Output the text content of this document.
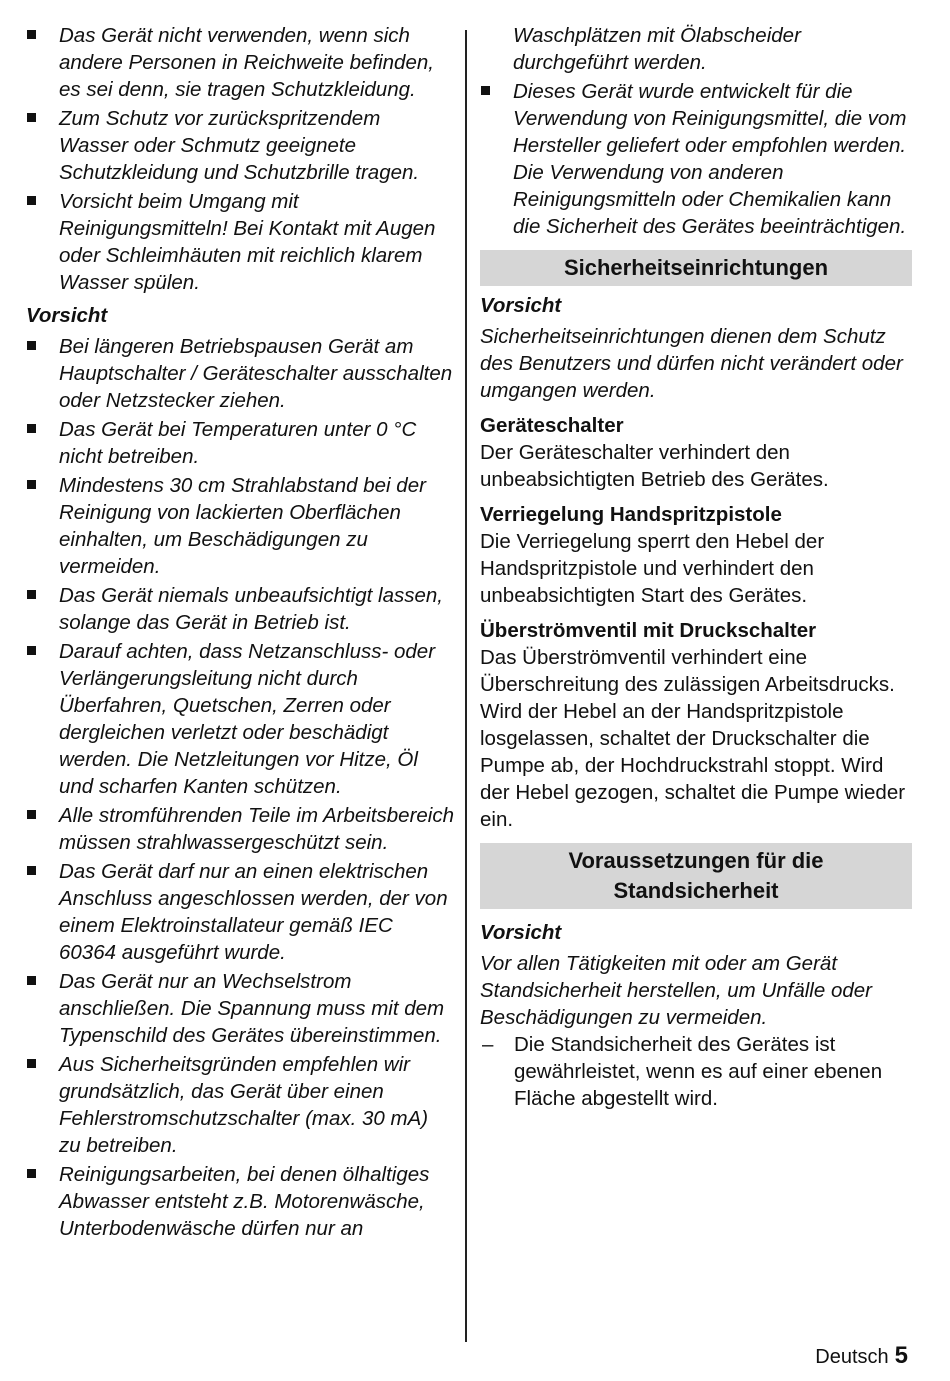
Das Gerät nicht verwenden, wenn sich andere Personen in Reichweite befinden, es sei denn, sie tragen Schutzkleidung.
Zum Schutz vor zurückspritzendem Wasser oder Schmutz geeignete Schutzkleidung und Schutzbrille tragen.
Vorsicht beim Umgang mit Reinigungsmitteln! Bei Kontakt mit Augen oder Schleimhäuten mit reichlich klarem Wasser spülen.
Vorsicht
Bei längeren Betriebspausen Gerät am Hauptschalter / Geräteschalter ausschalten oder Netzstecker ziehen.
Das Gerät bei Temperaturen unter 0 °C nicht betreiben.
Mindestens 30 cm Strahlabstand bei der Reinigung von lackierten Oberflächen einhalten, um Beschädigungen zu vermeiden.
Das Gerät niemals unbeaufsichtigt lassen, solange das Gerät in Betrieb ist.
Darauf achten, dass Netzanschluss- oder Verlängerungsleitung nicht durch Überfahren, Quetschen, Zerren oder dergleichen verletzt oder beschädigt werden. Die Netzleitungen vor Hitze, Öl und scharfen Kanten schützen.
Alle stromführenden Teile im Arbeitsbereich müssen strahlwassergeschützt sein.
Das Gerät darf nur an einen elektrischen Anschluss angeschlossen werden, der von einem Elektroinstallateur gemäß IEC 60364 ausgeführt wurde.
Das Gerät nur an Wechselstrom anschließen. Die Spannung muss mit dem Typenschild des Gerätes übereinstimmen.
Aus Sicherheitsgründen empfehlen wir grundsätzlich, das Gerät über einen Fehlerstromschutzschalter (max. 30 mA) zu betreiben.
Reinigungsarbeiten, bei denen ölhaltiges Abwasser entsteht z.B. Motorenwäsche, Unterbodenwäsche dürfen nur an

Waschplätzen mit Ölabscheider durchgeführt werden.

Dieses Gerät wurde entwickelt für die Verwendung von Reinigungsmittel, die vom Hersteller geliefert oder empfohlen werden. Die Verwendung von anderen Reinigungsmitteln oder Chemikalien kann die Sicherheit des Gerätes beeinträchtigen.
Sicherheitseinrichtungen
Vorsicht

Sicherheitseinrichtungen dienen dem Schutz des Benutzers und dürfen nicht verändert oder umgangen werden.

Geräteschalter

Der Geräteschalter verhindert den unbeabsichtigten Betrieb des Gerätes.

Verriegelung Handspritzpistole

Die Verriegelung sperrt den Hebel der Handspritzpistole und verhindert den unbeabsichtigten Start des Gerätes.

Überströmventil mit Druckschalter

Das Überströmventil verhindert eine Überschreitung des zulässigen Arbeitsdrucks. Wird der Hebel an der Handspritzpistole losgelassen, schaltet der Druckschalter die Pumpe ab, der Hochdruckstrahl stoppt. Wird der Hebel gezogen, schaltet die Pumpe wieder ein.

Voraussetzungen für die
Standsicherheit
Vorsicht

Vor allen Tätigkeiten mit oder am Gerät Standsicherheit herstellen, um Unfälle oder Beschädigungen zu vermeiden.

– Die Standsicherheit des Gerätes ist gewährleistet, wenn es auf einer ebenen Fläche abgestellt wird.
Deutsch 5
